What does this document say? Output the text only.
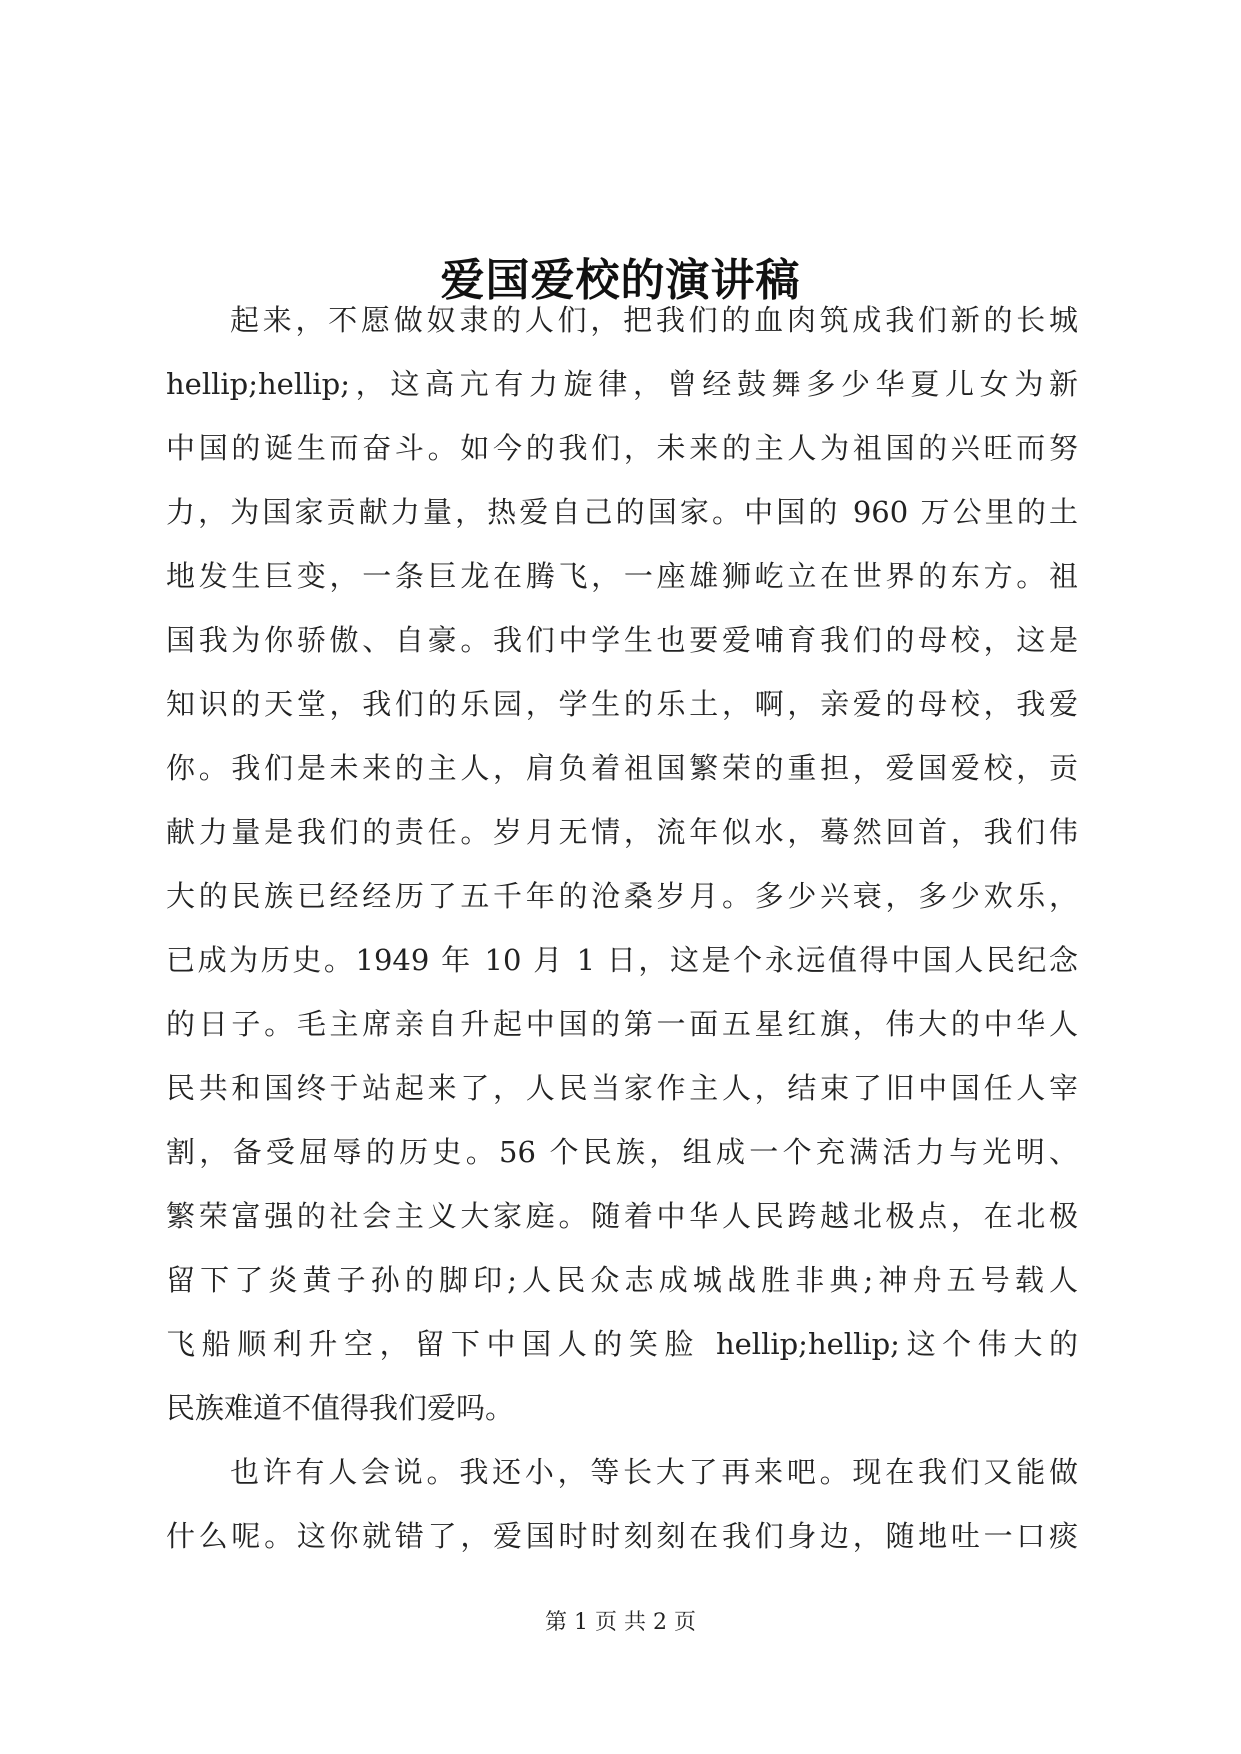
爱国爱校的演讲稿
起来，不愿做奴隶的人们，把我们的血肉筑成我们新的长城
hellip;hellip;，这高亢有力旋律，曾经鼓舞多少华夏儿女为新
中国的诞生而奋斗。如今的我们，未来的主人为祖国的兴旺而努
力，为国家贡献力量，热爱自己的国家。中国的 960 万公里的土
地发生巨变，一条巨龙在腾飞，一座雄狮屹立在世界的东方。祖
国我为你骄傲、自豪。我们中学生也要爱哺育我们的母校，这是
知识的天堂，我们的乐园，学生的乐土，啊，亲爱的母校，我爱
你。我们是未来的主人，肩负着祖国繁荣的重担，爱国爱校，贡
献力量是我们的责任。岁月无情，流年似水，蓦然回首，我们伟
大的民族已经经历了五千年的沧桑岁月。多少兴衰，多少欢乐，
已成为历史。1949 年 10 月 1 日，这是个永远值得中国人民纪念
的日子。毛主席亲自升起中国的第一面五星红旗，伟大的中华人
民共和国终于站起来了，人民当家作主人，结束了旧中国任人宰
割，备受屈辱的历史。56 个民族，组成一个充满活力与光明、
繁荣富强的社会主义大家庭。随着中华人民跨越北极点，在北极
留下了炎黄子孙的脚印;人民众志成城战胜非典;神舟五号载人
飞船顺利升空，留下中国人的笑脸 hellip;hellip;这个伟大的
民族难道不值得我们爱吗。
也许有人会说。我还小，等长大了再来吧。现在我们又能做
什么呢。这你就错了，爱国时时刻刻在我们身边，随地吐一口痰
第 1 页 共 2 页
